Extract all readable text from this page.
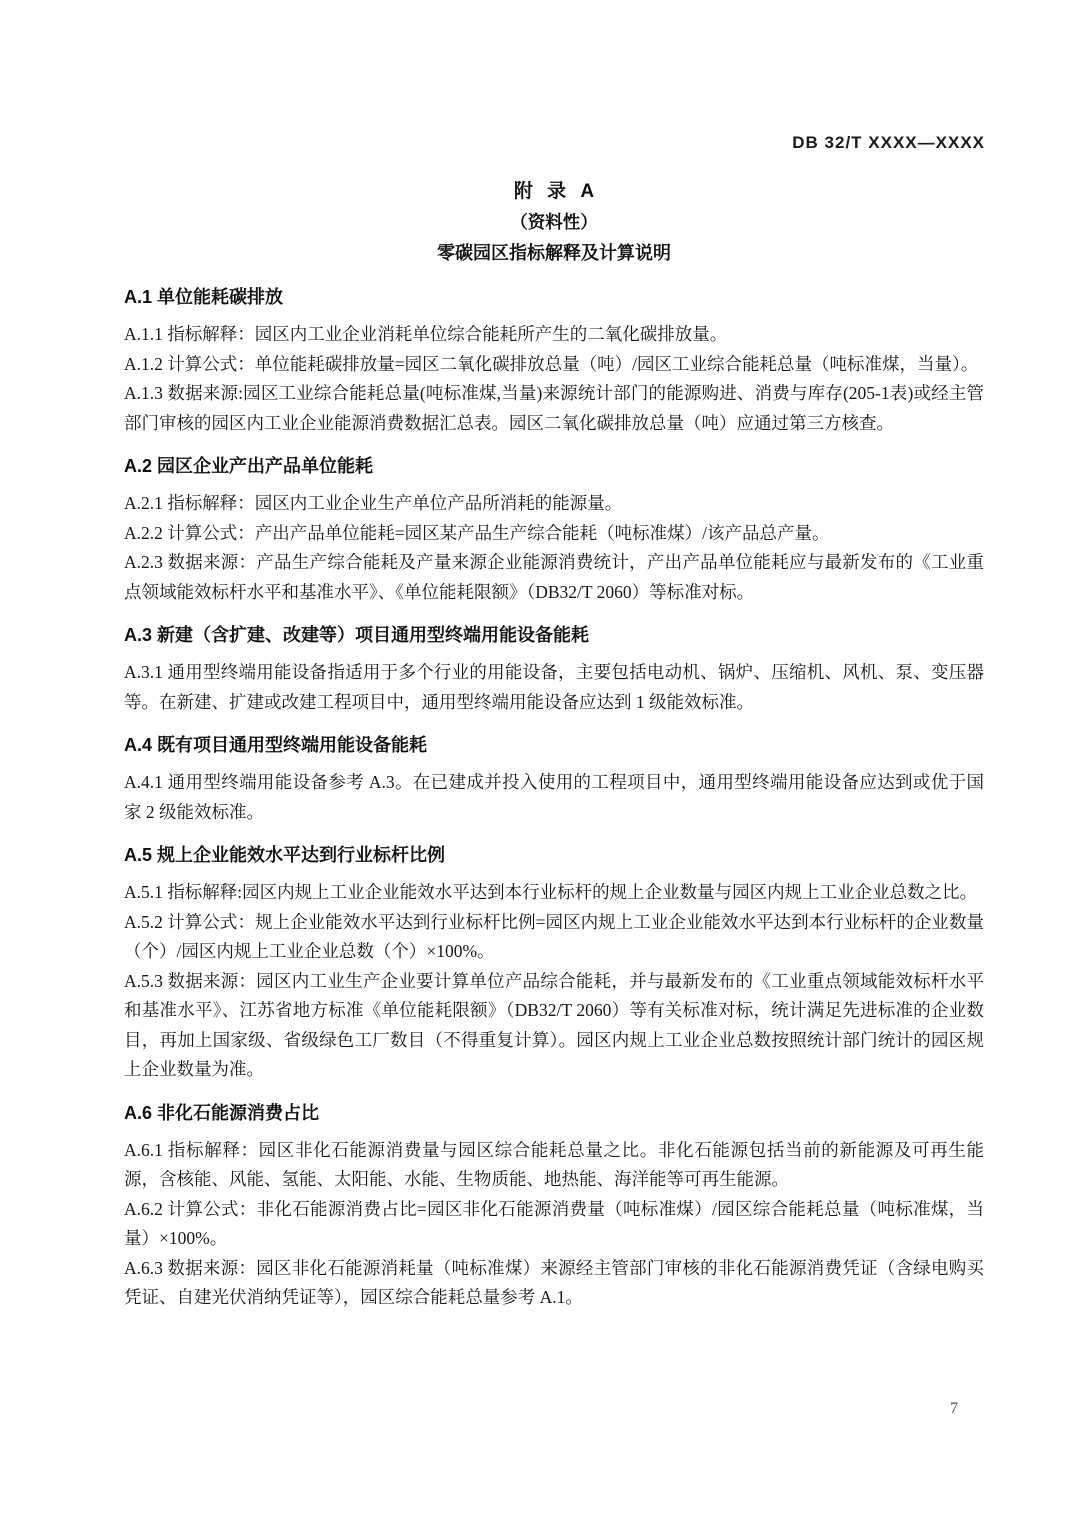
DB 32/T XXXX—XXXX
附 录 A
（资料性）
零碳园区指标解释及计算说明
A.1 单位能耗碳排放

A.1.1 指标解释：园区内工业企业消耗单位综合能耗所产生的二氧化碳排放量。

A.1.2 计算公式：单位能耗碳排放量=园区二氧化碳排放总量（吨）/园区工业综合能耗总量（吨标准煤，当量）。

A.1.3 数据来源:园区工业综合能耗总量(吨标准煤,当量)来源统计部门的能源购进、消费与库存(205-1表)或经主管部门审核的园区内工业企业能源消费数据汇总表。园区二氧化碳排放总量（吨）应通过第三方核查。

A.2 园区企业产出产品单位能耗

A.2.1 指标解释：园区内工业企业生产单位产品所消耗的能源量。

A.2.2 计算公式：产出产品单位能耗=园区某产品生产综合能耗（吨标准煤）/该产品总产量。

A.2.3 数据来源：产品生产综合能耗及产量来源企业能源消费统计，产出产品单位能耗应与最新发布的《工业重点领域能效标杆水平和基准水平》、《单位能耗限额》（DB32/T 2060）等标准对标。

A.3 新建（含扩建、改建等）项目通用型终端用能设备能耗

A.3.1 通用型终端用能设备指适用于多个行业的用能设备，主要包括电动机、锅炉、压缩机、风机、泵、变压器等。在新建、扩建或改建工程项目中，通用型终端用能设备应达到 1 级能效标准。

A.4 既有项目通用型终端用能设备能耗

A.4.1 通用型终端用能设备参考 A.3。在已建成并投入使用的工程项目中，通用型终端用能设备应达到或优于国家 2 级能效标准。

A.5 规上企业能效水平达到行业标杆比例

A.5.1 指标解释:园区内规上工业企业能效水平达到本行业标杆的规上企业数量与园区内规上工业企业总数之比。

A.5.2 计算公式：规上企业能效水平达到行业标杆比例=园区内规上工业企业能效水平达到本行业标杆的企业数量（个）/园区内规上工业企业总数（个）×100%。

A.5.3 数据来源：园区内工业生产企业要计算单位产品综合能耗，并与最新发布的《工业重点领域能效标杆水平和基准水平》、江苏省地方标准《单位能耗限额》（DB32/T 2060）等有关标准对标，统计满足先进标准的企业数目，再加上国家级、省级绿色工厂数目（不得重复计算）。园区内规上工业企业总数按照统计部门统计的园区规上企业数量为准。

A.6 非化石能源消费占比

A.6.1 指标解释：园区非化石能源消费量与园区综合能耗总量之比。非化石能源包括当前的新能源及可再生能源，含核能、风能、氢能、太阳能、水能、生物质能、地热能、海洋能等可再生能源。

A.6.2 计算公式：非化石能源消费占比=园区非化石能源消费量（吨标准煤）/园区综合能耗总量（吨标准煤，当量）×100%。

A.6.3 数据来源：园区非化石能源消耗量（吨标准煤）来源经主管部门审核的非化石能源消费凭证（含绿电购买凭证、自建光伏消纳凭证等），园区综合能耗总量参考 A.1。

7
